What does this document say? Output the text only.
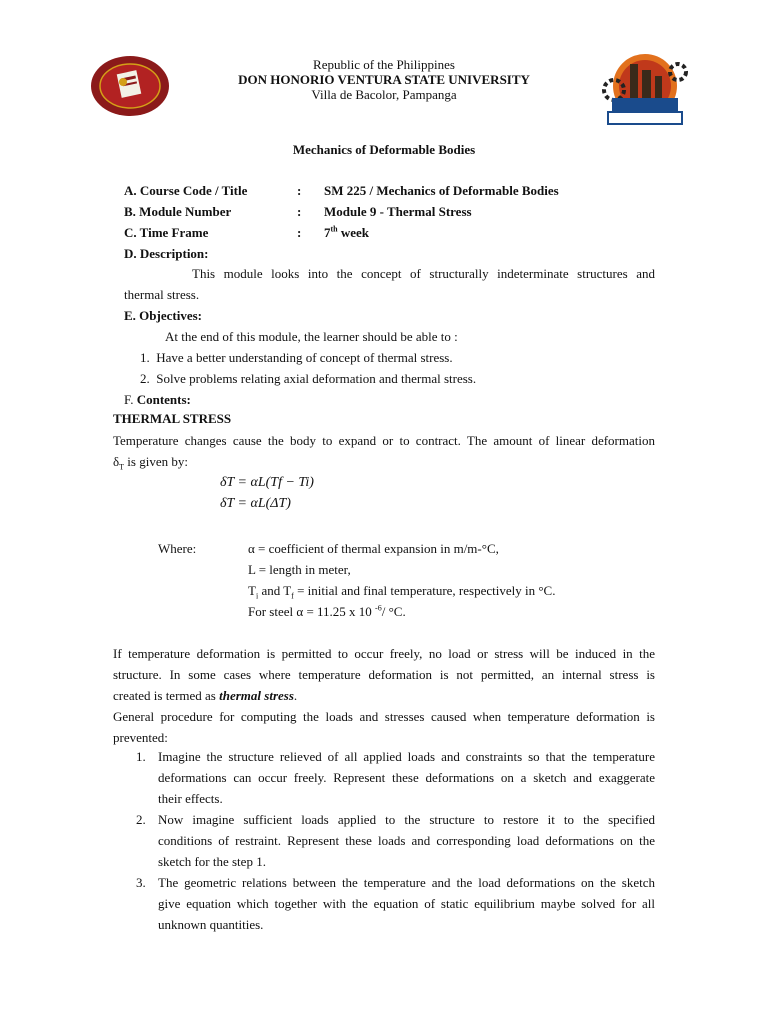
Republic of the Philippines
DON HONORIO VENTURA STATE UNIVERSITY
Villa de Bacolor, Pampanga
Mechanics of Deformable Bodies
A. Course Code / Title	: SM 225 / Mechanics of Deformable Bodies
B. Module Number	: Module 9 - Thermal Stress
C. Time Frame	: 7th week
D. Description:
This module looks into the concept of structurally indeterminate structures and
thermal stress.
E. Objectives:
At the end of this module, the learner should be able to :
1.  Have a better understanding of concept of thermal stress.
2.  Solve problems relating axial deformation and thermal stress.
F. Contents:
THERMAL STRESS
Temperature changes cause the body to expand or to contract. The amount of linear deformation
$\delta_T$ is given by:
δT = αL(Tf − Ti)
δT = αL(ΔT)
Where:	α = coefficient of thermal expansion in m/m-°C,
L = length in meter,
$T_i$ and $T_f$ = initial and final temperature, respectively in °C.
For steel α = 11.25 x 10 $^{-6}$/ °C.
If temperature deformation is permitted to occur freely, no load or stress will be induced in the
structure. In some cases where temperature deformation is not permitted, an internal stress is
created is termed as thermal stress.
General procedure for computing the loads and stresses caused when temperature deformation is
prevented:
1. Imagine the structure relieved of all applied loads and constraints so that the temperature
deformations can occur freely. Represent these deformations on a sketch and exaggerate
their effects.
2. Now imagine sufficient loads applied to the structure to restore it to the specified
conditions of restraint. Represent these loads and corresponding load deformations on the
sketch for the step 1.
3. The geometric relations between the temperature and the load deformations on the sketch
give equation which together with the equation of static equilibrium maybe solved for all
unknown quantities.
